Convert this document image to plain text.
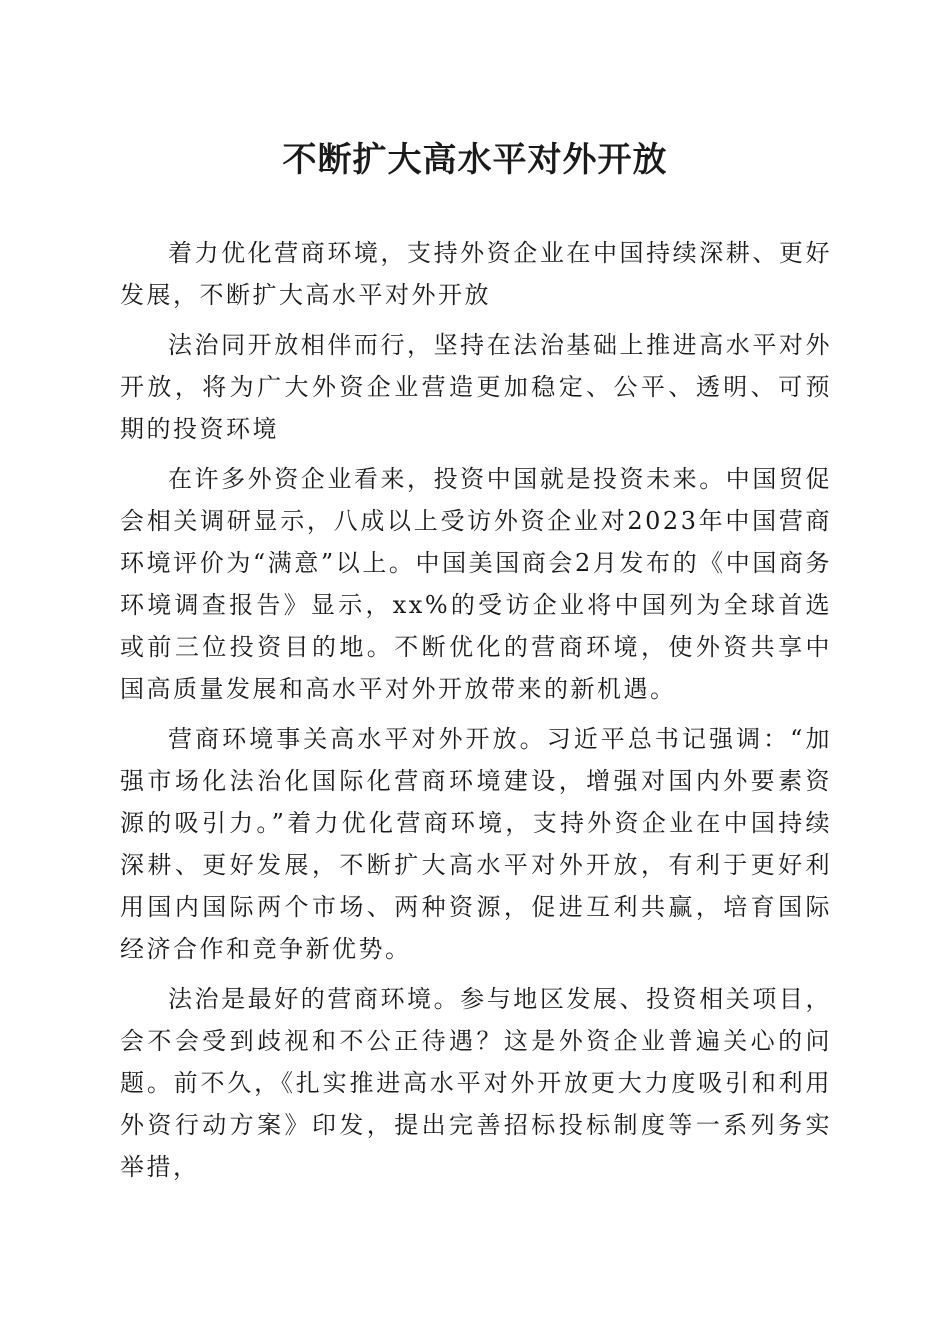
不断扩大高水平对外开放

着力优化营商环境，支持外资企业在中国持续深耕、更好发展，不断扩大高水平对外开放

法治同开放相伴而行，坚持在法治基础上推进高水平对外开放，将为广大外资企业营造更加稳定、公平、透明、可预期的投资环境

在许多外资企业看来，投资中国就是投资未来。中国贸促会相关调研显示，八成以上受访外资企业对2023年中国营商环境评价为“满意”以上。中国美国商会2月发布的《中国商务环境调查报告》显示，xx%的受访企业将中国列为全球首选或前三位投资目的地。不断优化的营商环境，使外资共享中国高质量发展和高水平对外开放带来的新机遇。

营商环境事关高水平对外开放。习近平总书记强调：“加强市场化法治化国际化营商环境建设，增强对国内外要素资源的吸引力。”着力优化营商环境，支持外资企业在中国持续深耕、更好发展，不断扩大高水平对外开放，有利于更好利用国内国际两个市场、两种资源，促进互利共赢，培育国际经济合作和竞争新优势。

法治是最好的营商环境。参与地区发展、投资相关项目，会不会受到歧视和不公正待遇？这是外资企业普遍关心的问题。前不久，《扎实推进高水平对外开放更大力度吸引和利用外资行动方案》印发，提出完善招标投标制度等一系列务实举措，
